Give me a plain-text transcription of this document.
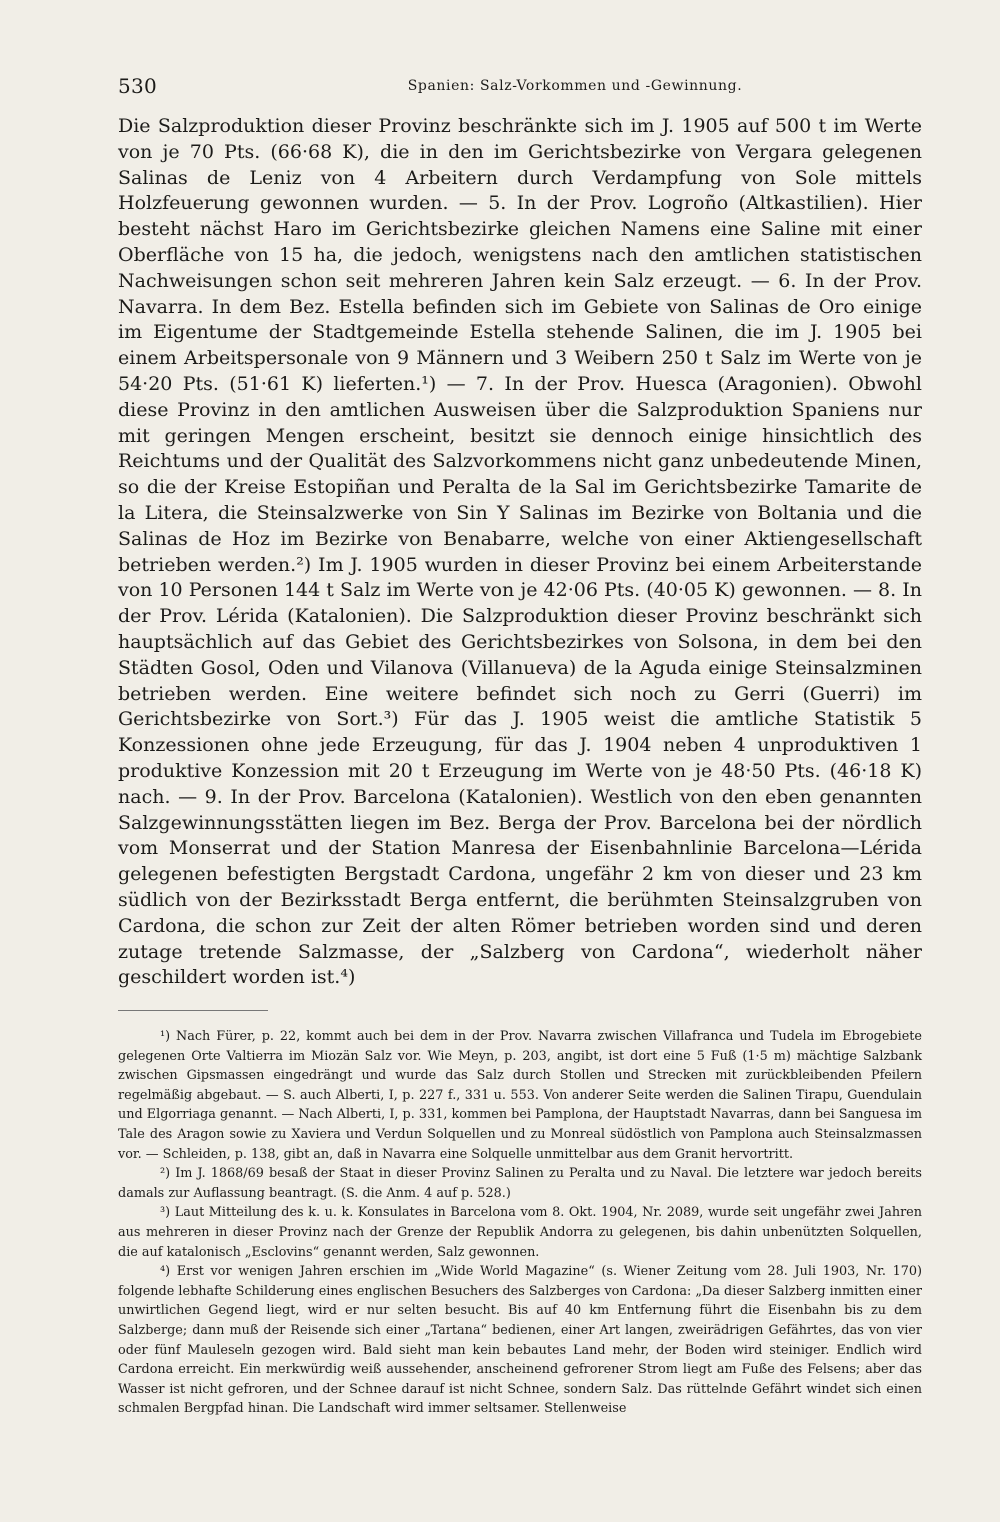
530	Spanien: Salz-Vorkommen und -Gewinnung.

Die Salzproduktion dieser Provinz beschränkte sich im J. 1905 auf 500 t im Werte von je 70 Pts. (66·68 K), die in den im Gerichtsbezirke von Vergara gelegenen Salinas de Leniz von 4 Arbeitern durch Verdampfung von Sole mittels Holzfeuerung gewonnen wurden. — 5. In der Prov. Logroño (Altkastilien). Hier besteht nächst Haro im Gerichtsbezirke gleichen Namens eine Saline mit einer Oberfläche von 15 ha, die jedoch, wenigstens nach den amtlichen statistischen Nachweisungen schon seit mehreren Jahren kein Salz erzeugt. — 6. In der Prov. Navarra. In dem Bez. Estella befinden sich im Gebiete von Salinas de Oro einige im Eigentume der Stadtgemeinde Estella stehende Salinen, die im J. 1905 bei einem Arbeitspersonale von 9 Männern und 3 Weibern 250 t Salz im Werte von je 54·20 Pts. (51·61 K) lieferten.¹) — 7. In der Prov. Huesca (Aragonien). Obwohl diese Provinz in den amtlichen Ausweisen über die Salzproduktion Spaniens nur mit geringen Mengen erscheint, besitzt sie dennoch einige hinsichtlich des Reichtums und der Qualität des Salzvorkommens nicht ganz unbedeutende Minen, so die der Kreise Estopiñan und Peralta de la Sal im Gerichtsbezirke Tamarite de la Litera, die Steinsalzwerke von Sin Y Salinas im Bezirke von Boltania und die Salinas de Hoz im Bezirke von Benabarre, welche von einer Aktiengesellschaft betrieben werden.²) Im J. 1905 wurden in dieser Provinz bei einem Arbeiterstande von 10 Personen 144 t Salz im Werte von je 42·06 Pts. (40·05 K) gewonnen. — 8. In der Prov. Lérida (Katalonien). Die Salzproduktion dieser Provinz beschränkt sich hauptsächlich auf das Gebiet des Gerichtsbezirkes von Solsona, in dem bei den Städten Gosol, Oden und Vilanova (Villanueva) de la Aguda einige Steinsalzminen betrieben werden. Eine weitere befindet sich noch zu Gerri (Guerri) im Gerichtsbezirke von Sort.³) Für das J. 1905 weist die amtliche Statistik 5 Konzessionen ohne jede Erzeugung, für das J. 1904 neben 4 unproduktiven 1 produktive Konzession mit 20 t Erzeugung im Werte von je 48·50 Pts. (46·18 K) nach. — 9. In der Prov. Barcelona (Katalonien). Westlich von den eben genannten Salzgewinnungsstätten liegen im Bez. Berga der Prov. Barcelona bei der nördlich vom Monserrat und der Station Manresa der Eisenbahnlinie Barcelona—Lérida gelegenen befestigten Bergstadt Cardona, ungefähr 2 km von dieser und 23 km südlich von der Bezirksstadt Berga entfernt, die berühmten Steinsalzgruben von Cardona, die schon zur Zeit der alten Römer betrieben worden sind und deren zutage tretende Salzmasse, der „Salzberg von Cardona“, wiederholt näher geschildert worden ist.⁴)

¹) Nach Fürer, p. 22, kommt auch bei dem in der Prov. Navarra zwischen Villafranca und Tudela im Ebrogebiete gelegenen Orte Valtierra im Miozän Salz vor. Wie Meyn, p. 203, angibt, ist dort eine 5 Fuß (1·5 m) mächtige Salzbank zwischen Gipsmassen eingedrängt und wurde das Salz durch Stollen und Strecken mit zurückbleibenden Pfeilern regelmäßig abgebaut. — S. auch Alberti, I, p. 227 f., 331 u. 553. Von anderer Seite werden die Salinen Tirapu, Guendulain und Elgorriaga genannt. — Nach Alberti, I, p. 331, kommen bei Pamplona, der Hauptstadt Navarras, dann bei Sanguesa im Tale des Aragon sowie zu Xaviera und Verdun Solquellen und zu Monreal südöstlich von Pamplona auch Steinsalzmassen vor. — Schleiden, p. 138, gibt an, daß in Navarra eine Solquelle unmittelbar aus dem Granit hervortritt.

²) Im J. 1868/69 besaß der Staat in dieser Provinz Salinen zu Peralta und zu Naval. Die letztere war jedoch bereits damals zur Auflassung beantragt. (S. die Anm. 4 auf p. 528.)

³) Laut Mitteilung des k. u. k. Konsulates in Barcelona vom 8. Okt. 1904, Nr. 2089, wurde seit ungefähr zwei Jahren aus mehreren in dieser Provinz nach der Grenze der Republik Andorra zu gelegenen, bis dahin unbenützten Solquellen, die auf katalonisch „Esclovins“ genannt werden, Salz gewonnen.

⁴) Erst vor wenigen Jahren erschien im „Wide World Magazine“ (s. Wiener Zeitung vom 28. Juli 1903, Nr. 170) folgende lebhafte Schilderung eines englischen Besuchers des Salzberges von Cardona: „Da dieser Salzberg inmitten einer unwirtlichen Gegend liegt, wird er nur selten besucht. Bis auf 40 km Entfernung führt die Eisenbahn bis zu dem Salzberge; dann muß der Reisende sich einer „Tartana“ bedienen, einer Art langen, zweirädrigen Gefährtes, das von vier oder fünf Mauleseln gezogen wird. Bald sieht man kein bebautes Land mehr, der Boden wird steiniger. Endlich wird Cardona erreicht. Ein merkwürdig weiß aussehender, anscheinend gefrorener Strom liegt am Fuße des Felsens; aber das Wasser ist nicht gefroren, und der Schnee darauf ist nicht Schnee, sondern Salz. Das rüttelnde Gefährt windet sich einen schmalen Bergpfad hinan. Die Landschaft wird immer seltsamer. Stellenweise
